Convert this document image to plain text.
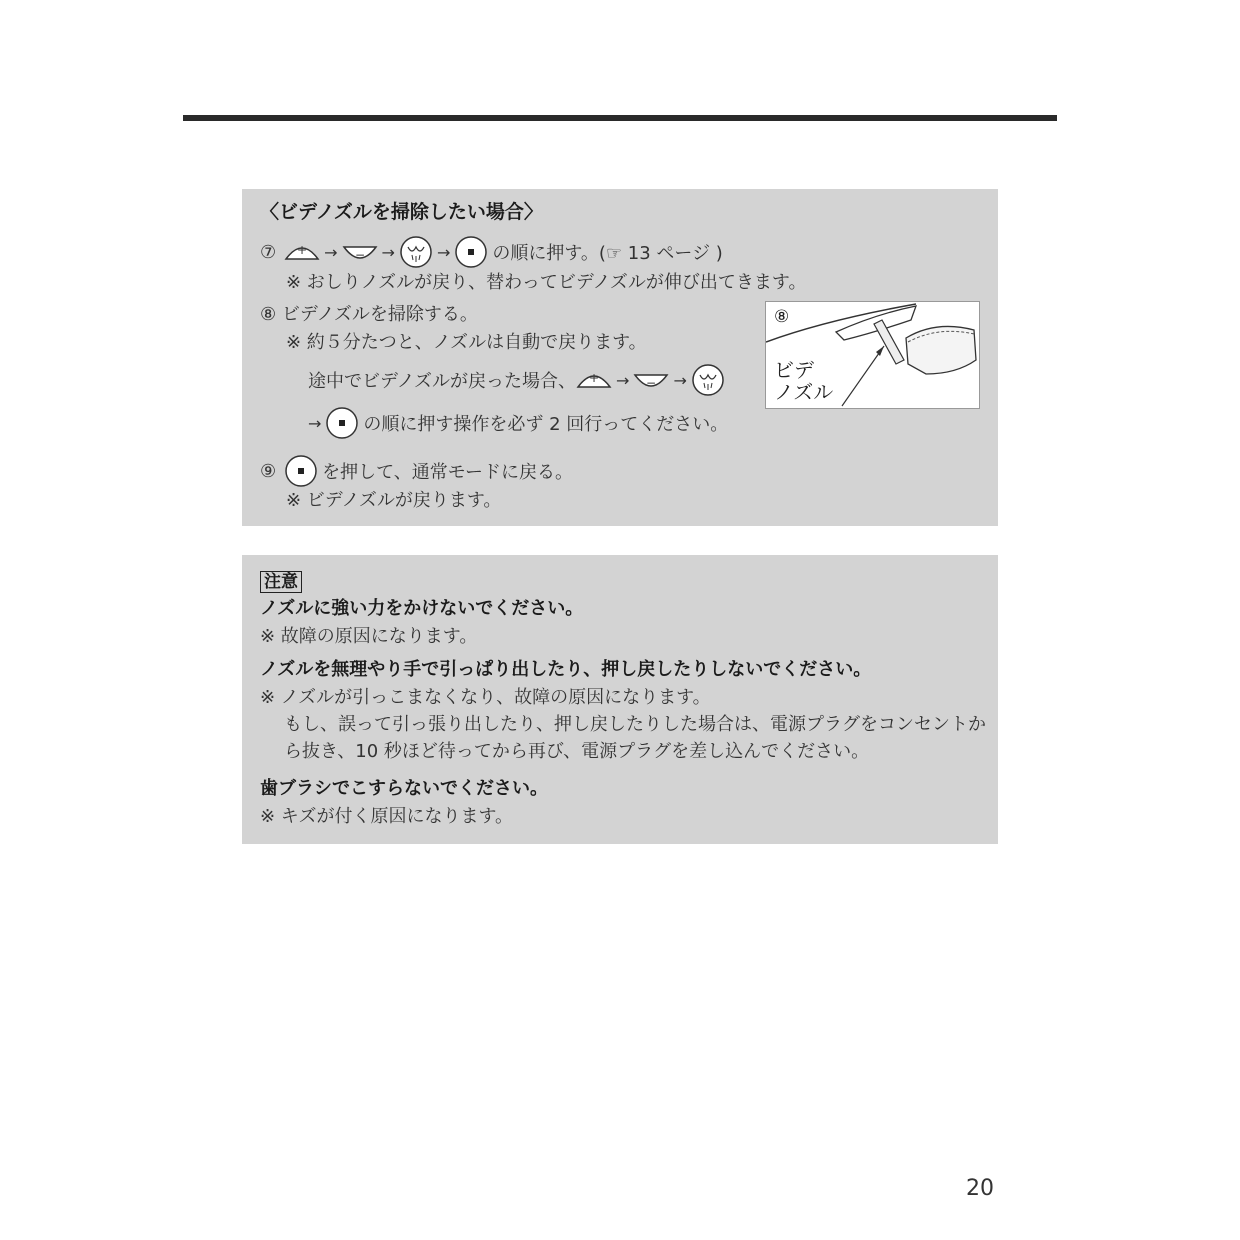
〈ビデノズルを掃除したい場合〉
⑦ + → − →	→ の順に押す。(☞ 13 ページ )
※ おしりノズルが戻り、替わってビデノズルが伸び出てきます。
⑧ ビデノズルを掃除する。
※ 約５分たつと、ノズルは自動で戻ります。
途中でビデノズルが戻った場合、 + → − →
→ の順に押す操作を必ず 2 回行ってください。
⑧
ビデ
ノズル
⑨	を押して、通常モードに戻る。
※ ビデノズルが戻ります。
注意
ノズルに強い力をかけないでください。
※ 故障の原因になります。
ノズルを無理やり手で引っぱり出したり、押し戻したりしないでください。
※ ノズルが引っこまなくなり、故障の原因になります。
もし、誤って引っ張り出したり、押し戻したりした場合は、電源プラグをコンセントか
ら抜き、10 秒ほど待ってから再び、電源プラグを差し込んでください。
歯ブラシでこすらないでください。
※ キズが付く原因になります。
20
